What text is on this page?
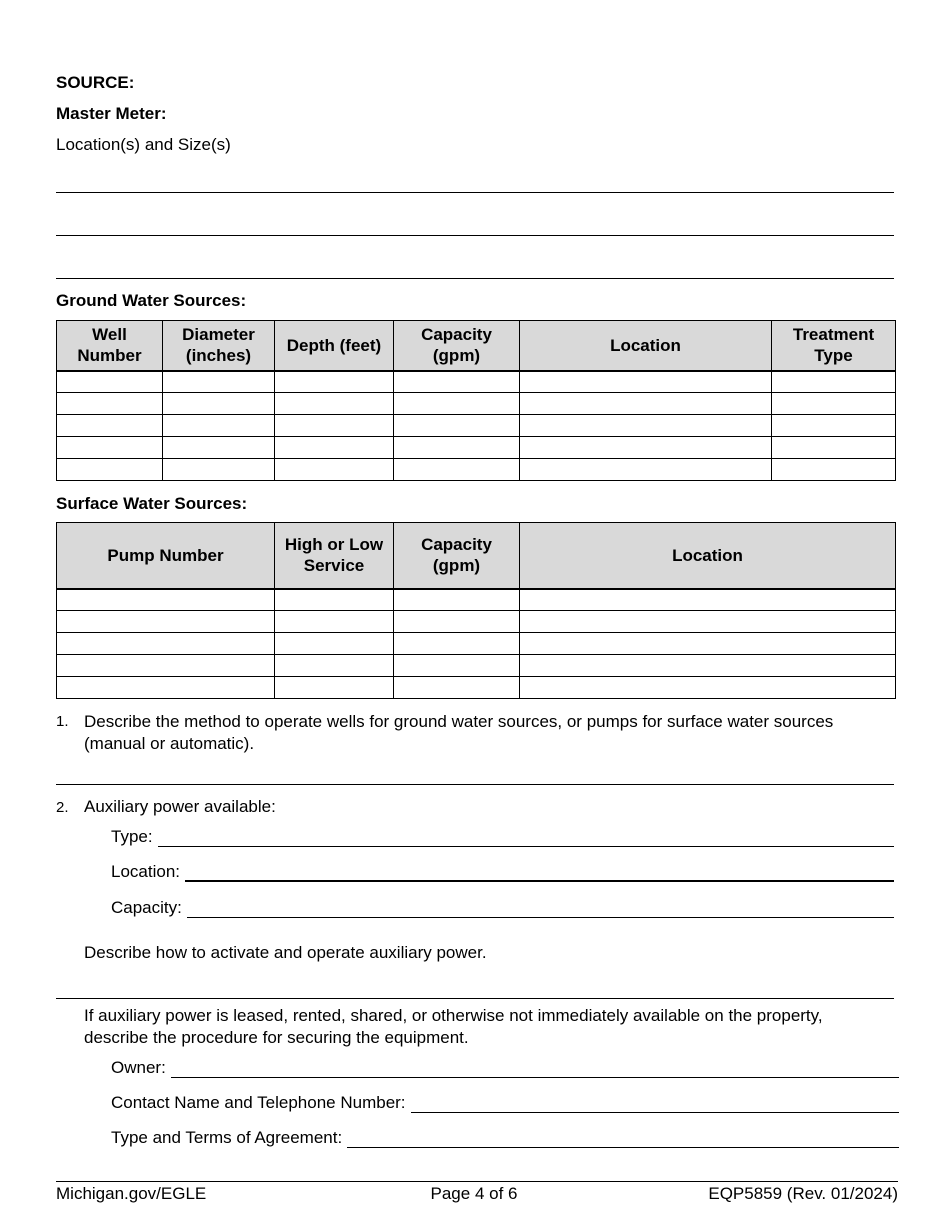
SOURCE:
Master Meter:
Location(s) and Size(s)
Ground Water Sources:
Well Number	Diameter (inches)	Depth (feet)	Capacity (gpm)	Location	Treatment Type

Surface Water Sources:
Pump Number	High or Low Service	Capacity (gpm)	Location

1. Describe the method to operate wells for ground water sources, or pumps for surface water sources (manual or automatic).
2. Auxiliary power available:
Type:
Location:
Capacity:
Describe how to activate and operate auxiliary power.
If auxiliary power is leased, rented, shared, or otherwise not immediately available on the property, describe the procedure for securing the equipment.
Owner:
Contact Name and Telephone Number:
Type and Terms of Agreement:
Michigan.gov/EGLE	Page 4 of 6	EQP5859 (Rev. 01/2024)
